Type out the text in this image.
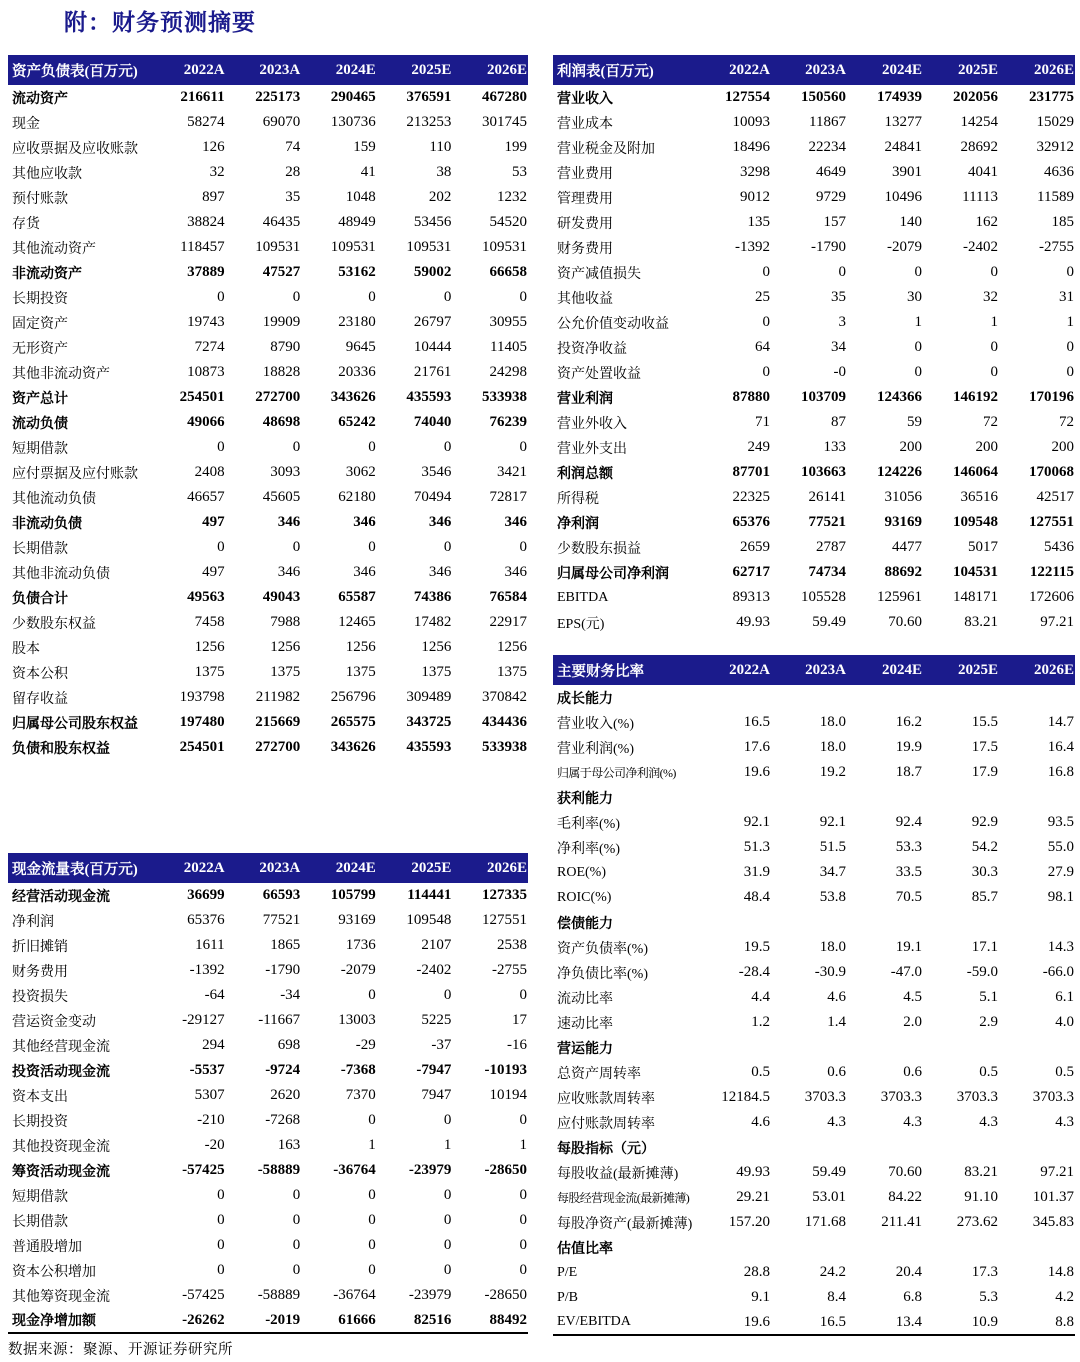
附：财务预测摘要
资产负债表(百万元)	2022A	2023A	2024E	2025E	2026E
流动资产	216611	225173	290465	376591	467280
现金	58274	69070	130736	213253	301745
应收票据及应收账款	126	74	159	110	199
其他应收款	32	28	41	38	53
预付账款	897	35	1048	202	1232
存货	38824	46435	48949	53456	54520
其他流动资产	118457	109531	109531	109531	109531
非流动资产	37889	47527	53162	59002	66658
长期投资	0	0	0	0	0
固定资产	19743	19909	23180	26797	30955
无形资产	7274	8790	9645	10444	11405
其他非流动资产	10873	18828	20336	21761	24298
资产总计	254501	272700	343626	435593	533938
流动负债	49066	48698	65242	74040	76239
短期借款	0	0	0	0	0
应付票据及应付账款	2408	3093	3062	3546	3421
其他流动负债	46657	45605	62180	70494	72817
非流动负债	497	346	346	346	346
长期借款	0	0	0	0	0
其他非流动负债	497	346	346	346	346
负债合计	49563	49043	65587	74386	76584
少数股东权益	7458	7988	12465	17482	22917
股本	1256	1256	1256	1256	1256
资本公积	1375	1375	1375	1375	1375
留存收益	193798	211982	256796	309489	370842
归属母公司股东权益	197480	215669	265575	343725	434436
负债和股东权益	254501	272700	343626	435593	533938
现金流量表(百万元)	2022A	2023A	2024E	2025E	2026E
经营活动现金流	36699	66593	105799	114441	127335
净利润	65376	77521	93169	109548	127551
折旧摊销	1611	1865	1736	2107	2538
财务费用	-1392	-1790	-2079	-2402	-2755
投资损失	-64	-34	0	0	0
营运资金变动	-29127	-11667	13003	5225	17
其他经营现金流	294	698	-29	-37	-16
投资活动现金流	-5537	-9724	-7368	-7947	-10193
资本支出	5307	2620	7370	7947	10194
长期投资	-210	-7268	0	0	0
其他投资现金流	-20	163	1	1	1
筹资活动现金流	-57425	-58889	-36764	-23979	-28650
短期借款	0	0	0	0	0
长期借款	0	0	0	0	0
普通股增加	0	0	0	0	0
资本公积增加	0	0	0	0	0
其他筹资现金流	-57425	-58889	-36764	-23979	-28650
现金净增加额	-26262	-2019	61666	82516	88492
利润表(百万元)	2022A	2023A	2024E	2025E	2026E
营业收入	127554	150560	174939	202056	231775
营业成本	10093	11867	13277	14254	15029
营业税金及附加	18496	22234	24841	28692	32912
营业费用	3298	4649	3901	4041	4636
管理费用	9012	9729	10496	11113	11589
研发费用	135	157	140	162	185
财务费用	-1392	-1790	-2079	-2402	-2755
资产减值损失	0	0	0	0	0
其他收益	25	35	30	32	31
公允价值变动收益	0	3	1	1	1
投资净收益	64	34	0	0	0
资产处置收益	0	-0	0	0	0
营业利润	87880	103709	124366	146192	170196
营业外收入	71	87	59	72	72
营业外支出	249	133	200	200	200
利润总额	87701	103663	124226	146064	170068
所得税	22325	26141	31056	36516	42517
净利润	65376	77521	93169	109548	127551
少数股东损益	2659	2787	4477	5017	5436
归属母公司净利润	62717	74734	88692	104531	122115
EBITDA	89313	105528	125961	148171	172606
EPS(元)	49.93	59.49	70.60	83.21	97.21
主要财务比率	2022A	2023A	2024E	2025E	2026E
成长能力					
营业收入(%)	16.5	18.0	16.2	15.5	14.7
营业利润(%)	17.6	18.0	19.9	17.5	16.4
归属于母公司净利润(%)	19.6	19.2	18.7	17.9	16.8
获利能力					
毛利率(%)	92.1	92.1	92.4	92.9	93.5
净利率(%)	51.3	51.5	53.3	54.2	55.0
ROE(%)	31.9	34.7	33.5	30.3	27.9
ROIC(%)	48.4	53.8	70.5	85.7	98.1
偿债能力					
资产负债率(%)	19.5	18.0	19.1	17.1	14.3
净负债比率(%)	-28.4	-30.9	-47.0	-59.0	-66.0
流动比率	4.4	4.6	4.5	5.1	6.1
速动比率	1.2	1.4	2.0	2.9	4.0
营运能力					
总资产周转率	0.5	0.6	0.6	0.5	0.5
应收账款周转率	12184.5	3703.3	3703.3	3703.3	3703.3
应付账款周转率	4.6	4.3	4.3	4.3	4.3
每股指标（元）					
每股收益(最新摊薄)	49.93	59.49	70.60	83.21	97.21
每股经营现金流(最新摊薄)	29.21	53.01	84.22	91.10	101.37
每股净资产(最新摊薄)	157.20	171.68	211.41	273.62	345.83
估值比率					
P/E	28.8	24.2	20.4	17.3	14.8
P/B	9.1	8.4	6.8	5.3	4.2
EV/EBITDA	19.6	16.5	13.4	10.9	8.8
数据来源：聚源、开源证券研究所
